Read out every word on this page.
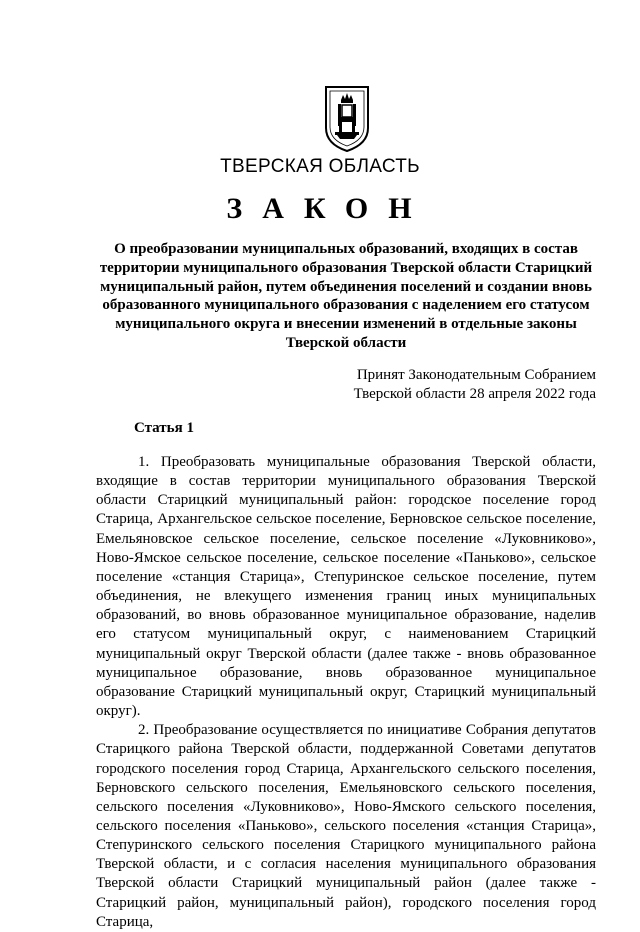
ТВЕРСКАЯ ОБЛАСТЬ
ЗАКОН
О преобразовании муниципальных образований, входящих в состав территории муниципального образования Тверской области Старицкий муниципальный район, путем объединения поселений и создании вновь образованного муниципального образования с наделением его статусом муниципального округа и внесении изменений в отдельные законы Тверской области
Принят Законодательным Собранием
Тверской области 28 апреля 2022 года
Статья 1

1. Преобразовать муниципальные образования Тверской области, входящие в состав территории муниципального образования Тверской области Старицкий муниципальный район: городское поселение город Старица, Архангельское сельское поселение, Берновское сельское поселение, Емельяновское сельское поселение, сельское поселение «Луковниково», Ново-Ямское сельское поселение, сельское поселение «Паньково», сельское поселение «станция Старица», Степуринское сельское поселение, путем объединения, не влекущего изменения границ иных муниципальных образований, во вновь образованное муниципальное образование, наделив его статусом муниципальный округ, с наименованием Старицкий муниципальный округ Тверской области (далее также - вновь образованное муниципальное образование, вновь образованное муниципальное образование Старицкий муниципальный округ, Старицкий муниципальный округ).

2. Преобразование осуществляется по инициативе Собрания депутатов Старицкого района Тверской области, поддержанной Советами депутатов городского поселения город Старица, Архангельского сельского поселения, Берновского сельского поселения, Емельяновского сельского поселения, сельского поселения «Луковниково», Ново-Ямского сельского поселения, сельского поселения «Паньково», сельского поселения «станция Старица», Степуринского сельского поселения Старицкого муниципального района Тверской области, и с согласия населения муниципального образования Тверской области Старицкий муниципальный район (далее также - Старицкий район, муниципальный район), городского поселения город Старица,
